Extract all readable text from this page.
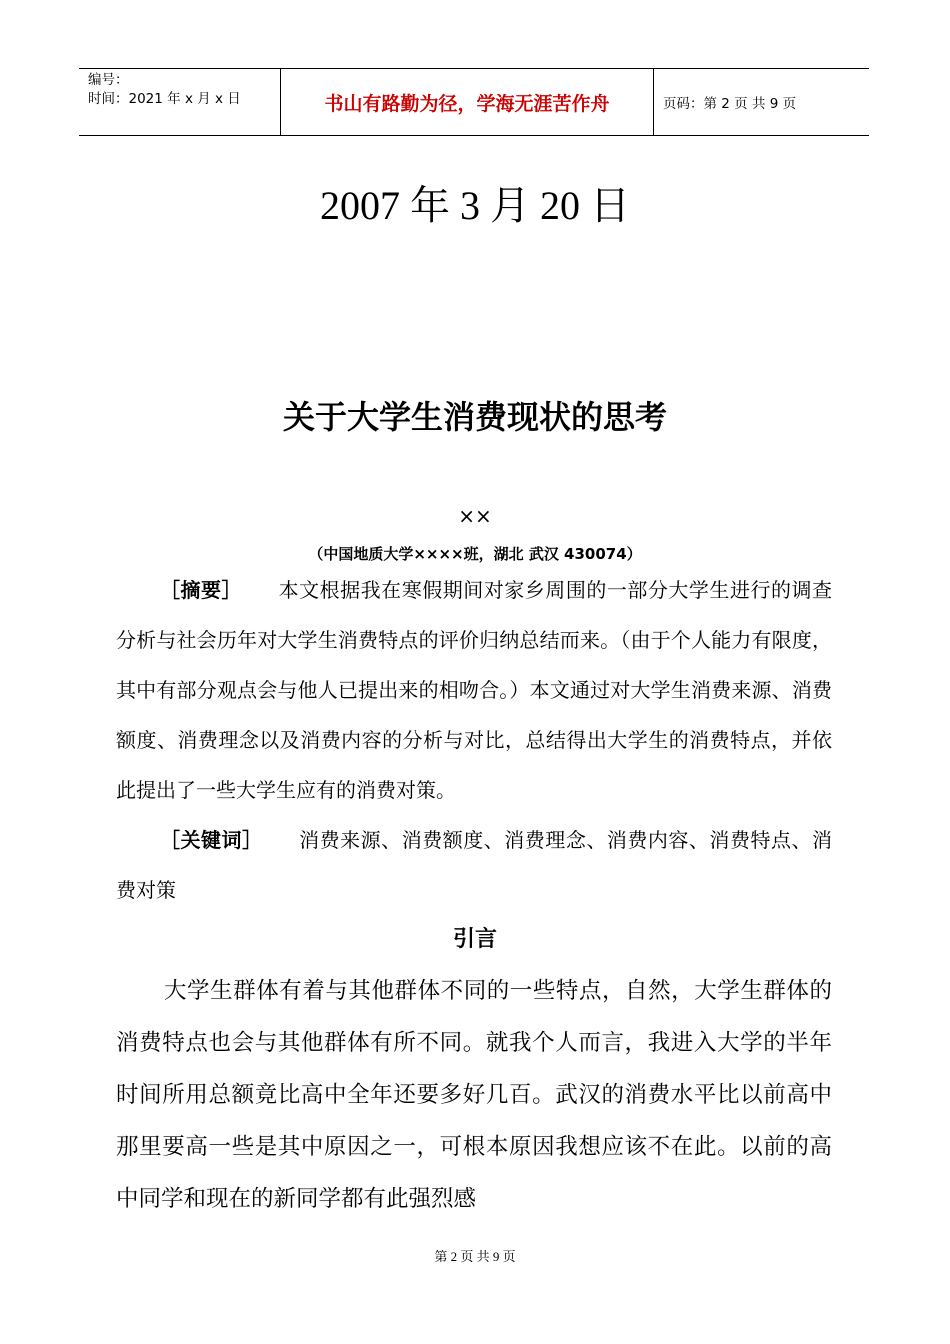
编号：
时间：2021 年 x 月 x 日	书山有路勤为径，学海无涯苦作舟	页码：第 2 页 共 9 页
2007 年 3 月 20 日
关于大学生消费现状的思考
××
（中国地质大学××××班，湖北 武汉 430074）

［摘要］ 本文根据我在寒假期间对家乡周围的一部分大学生进行的调查分析与社会历年对大学生消费特点的评价归纳总结而来。（由于个人能力有限度，其中有部分观点会与他人已提出来的相吻合。）本文通过对大学生消费来源、消费额度、消费理念以及消费内容的分析与对比，总结得出大学生的消费特点，并依此提出了一些大学生应有的消费对策。

［关键词］ 消费来源、消费额度、消费理念、消费内容、消费特点、消费对策

引言

大学生群体有着与其他群体不同的一些特点，自然，大学生群体的消费特点也会与其他群体有所不同。就我个人而言，我进入大学的半年时间所用总额竟比高中全年还要多好几百。武汉的消费水平比以前高中那里要高一些是其中原因之一，可根本原因我想应该不在此。以前的高中同学和现在的新同学都有此强烈感

第 2 页 共 9 页
